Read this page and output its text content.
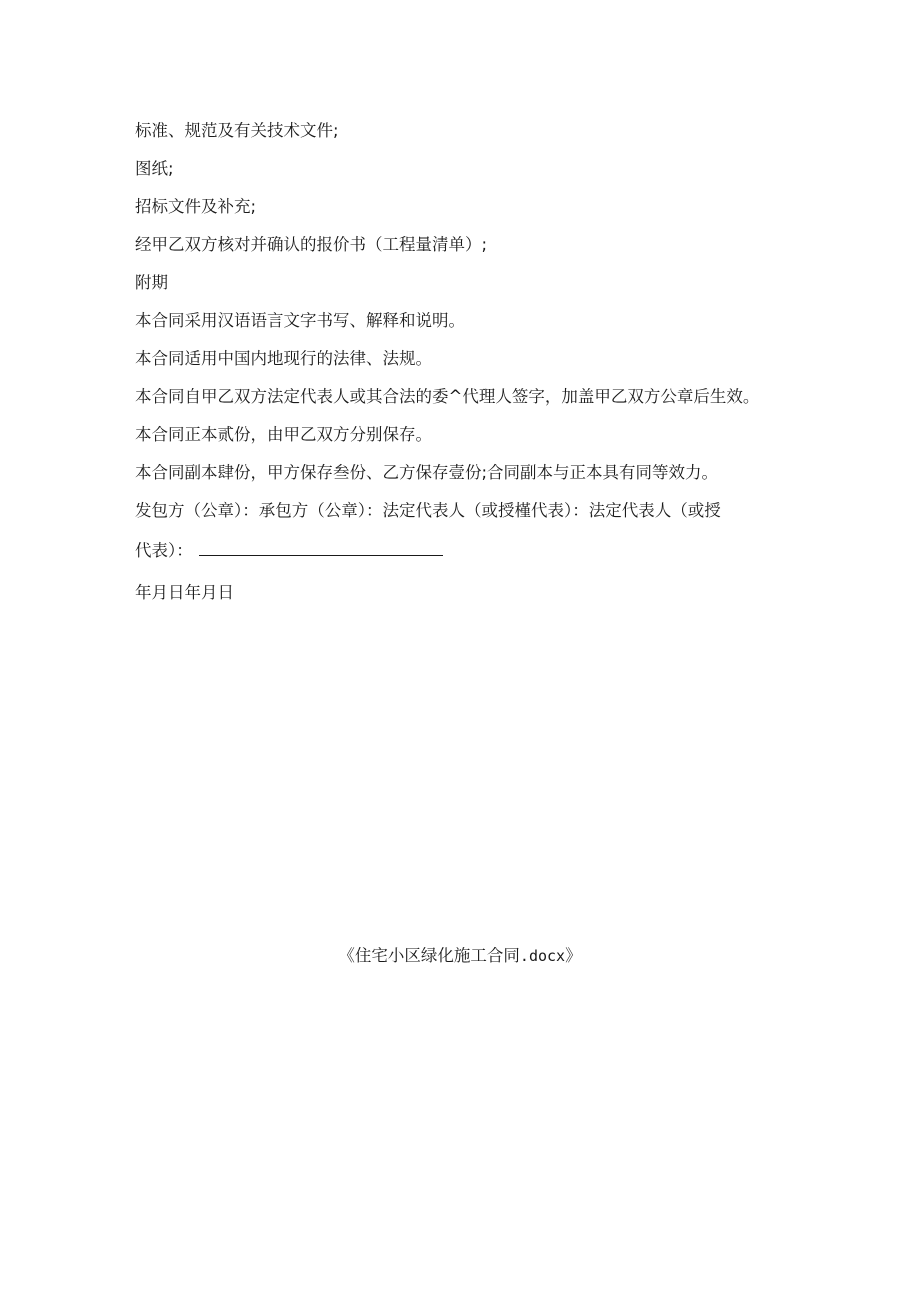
标准、规范及有关技术文件;
图纸;
招标文件及补充;
经甲乙双方核对并确认的报价书（工程量清单）;
附期
本合同采用汉语语言文字书写、解释和说明。
本合同适用中国内地现行的法律、法规。
本合同自甲乙双方法定代表人或其合法的委^代理人签字，加盖甲乙双方公章后生效。
本合同正本贰份，由甲乙双方分别保存。
本合同副本肆份，甲方保存叁份、乙方保存壹份;合同副本与正本具有同等效力。
发包方（公章）：承包方（公章）：法定代表人（或授槿代表）：法定代表人（或授
代表）：
年月日年月日
《住宅小区绿化施工合同.docx》
